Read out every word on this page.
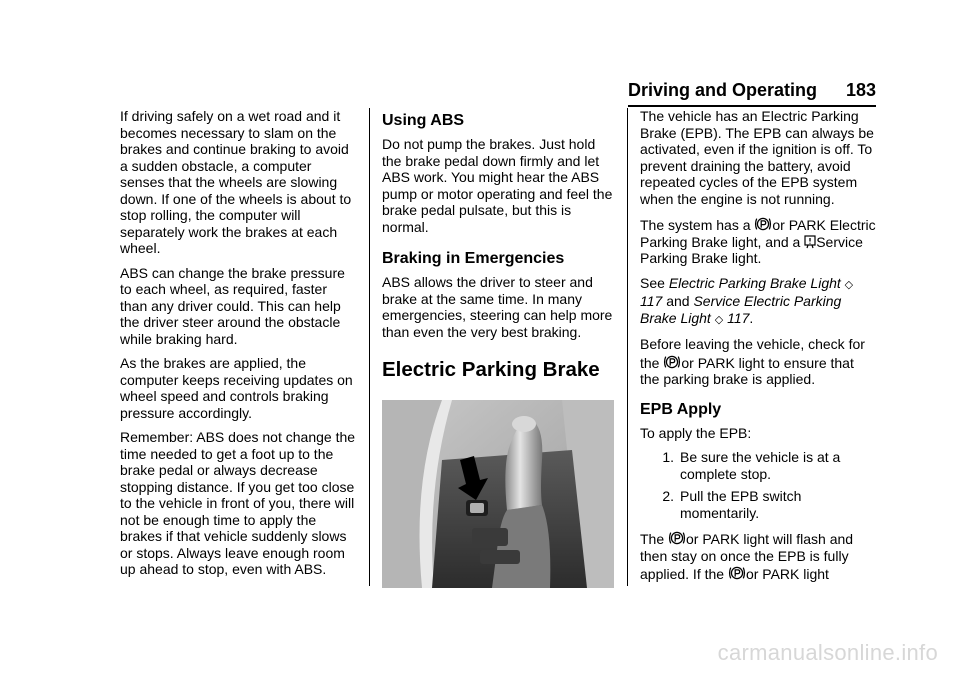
Driving and Operating 183

If driving safely on a wet road and it becomes necessary to slam on the brakes and continue braking to avoid a sudden obstacle, a computer senses that the wheels are slowing down. If one of the wheels is about to stop rolling, the computer will separately work the brakes at each wheel.

ABS can change the brake pressure to each wheel, as required, faster than any driver could. This can help the driver steer around the obstacle while braking hard.

As the brakes are applied, the computer keeps receiving updates on wheel speed and controls braking pressure accordingly.

Remember: ABS does not change the time needed to get a foot up to the brake pedal or always decrease stopping distance. If you get too close to the vehicle in front of you, there will not be enough time to apply the brakes if that vehicle suddenly slows or stops. Always leave enough room up ahead to stop, even with ABS.

Using ABS

Do not pump the brakes. Just hold the brake pedal down firmly and let ABS work. You might hear the ABS pump or motor operating and feel the brake pedal pulsate, but this is normal.

Braking in Emergencies

ABS allows the driver to steer and brake at the same time. In many emergencies, steering can help more than even the very best braking.

Electric Parking Brake

The vehicle has an Electric Parking Brake (EPB). The EPB can always be activated, even if the ignition is off. To prevent draining the battery, avoid repeated cycles of the EPB system when the engine is not running.

The system has a or PARK Electric Parking Brake light, and a Service Parking Brake light.

See Electric Parking Brake Light ◇ 117 and Service Electric Parking Brake Light ◇ 117.

Before leaving the vehicle, check for the or PARK light to ensure that the parking brake is applied.

EPB Apply

To apply the EPB:

1. Be sure the vehicle is at a complete stop.
2. Pull the EPB switch momentarily.

The or PARK light will flash and then stay on once the EPB is fully applied. If the or PARK light

carmanualsonline.info
